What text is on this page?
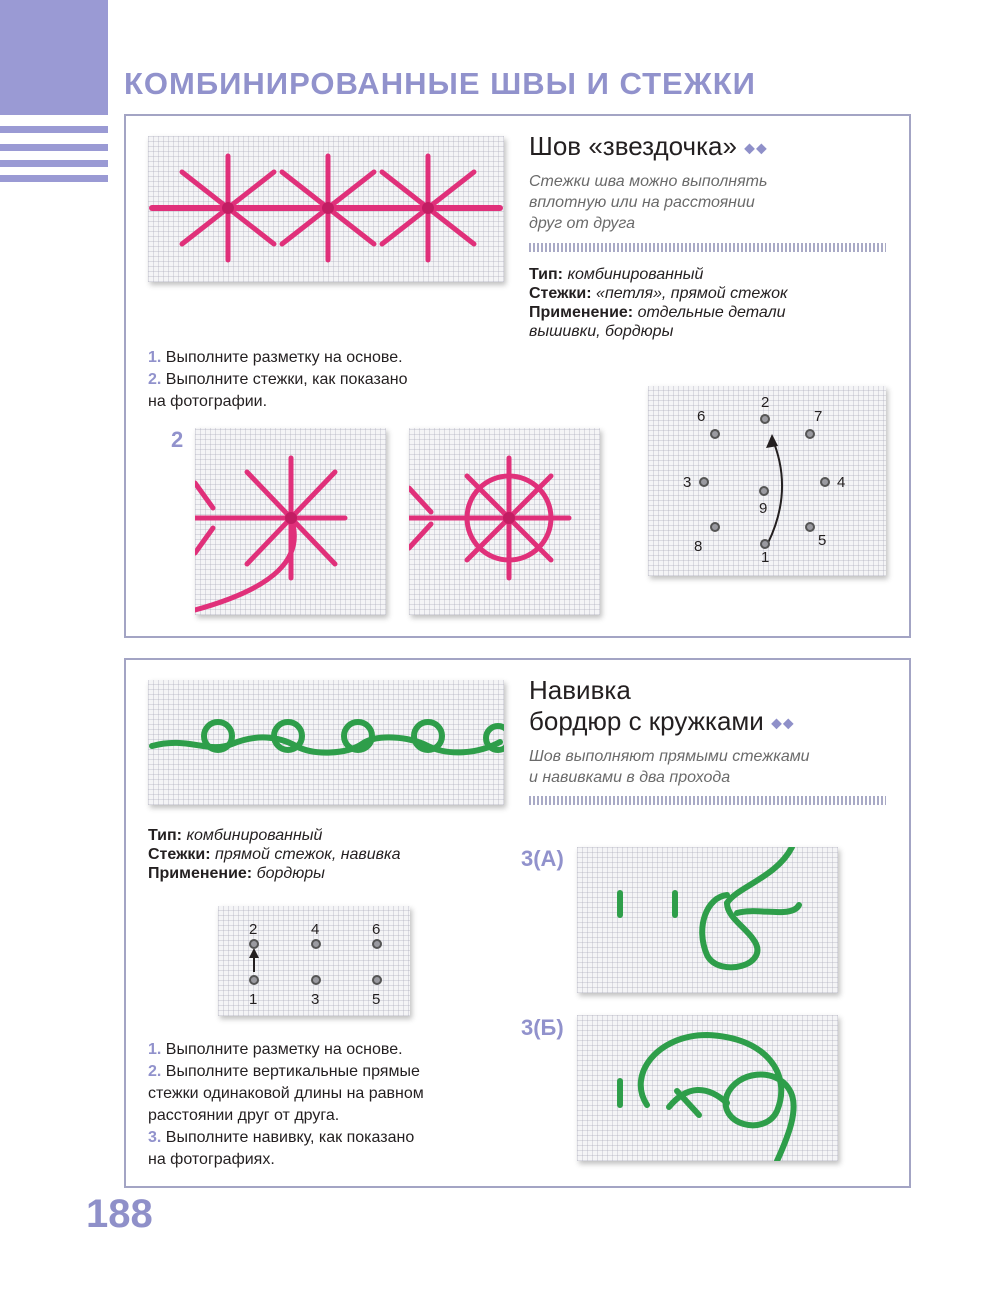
КОМБИНИРОВАННЫЕ ШВЫ И СТЕЖКИ
Шов «звездочка» ◆◆
Стежки шва можно выполнять
вплотную или на расстоянии
друг от друга
Тип: комбинированный
Стежки: «петля», прямой стежок
Применение: отдельные детали
вышивки, бордюры
1. Выполните разметку на основе.
2. Выполните стежки, как показано
на фотографии.
2
1
2
3	4
5
6	7
8
9
Навивка
бордюр с кружками ◆◆
Шов выполняют прямыми стежками
и навивками в два прохода
Тип: комбинированный
Стежки: прямой стежок, навивка
Применение: бордюры
1
2
3
4
5
6
1. Выполните разметку на основе.
2. Выполните вертикальные прямые
стежки одинаковой длины на равном
расстоянии друг от друга.
3. Выполните навивку, как показано
на фотографиях.
3(А)
3(Б)
188
